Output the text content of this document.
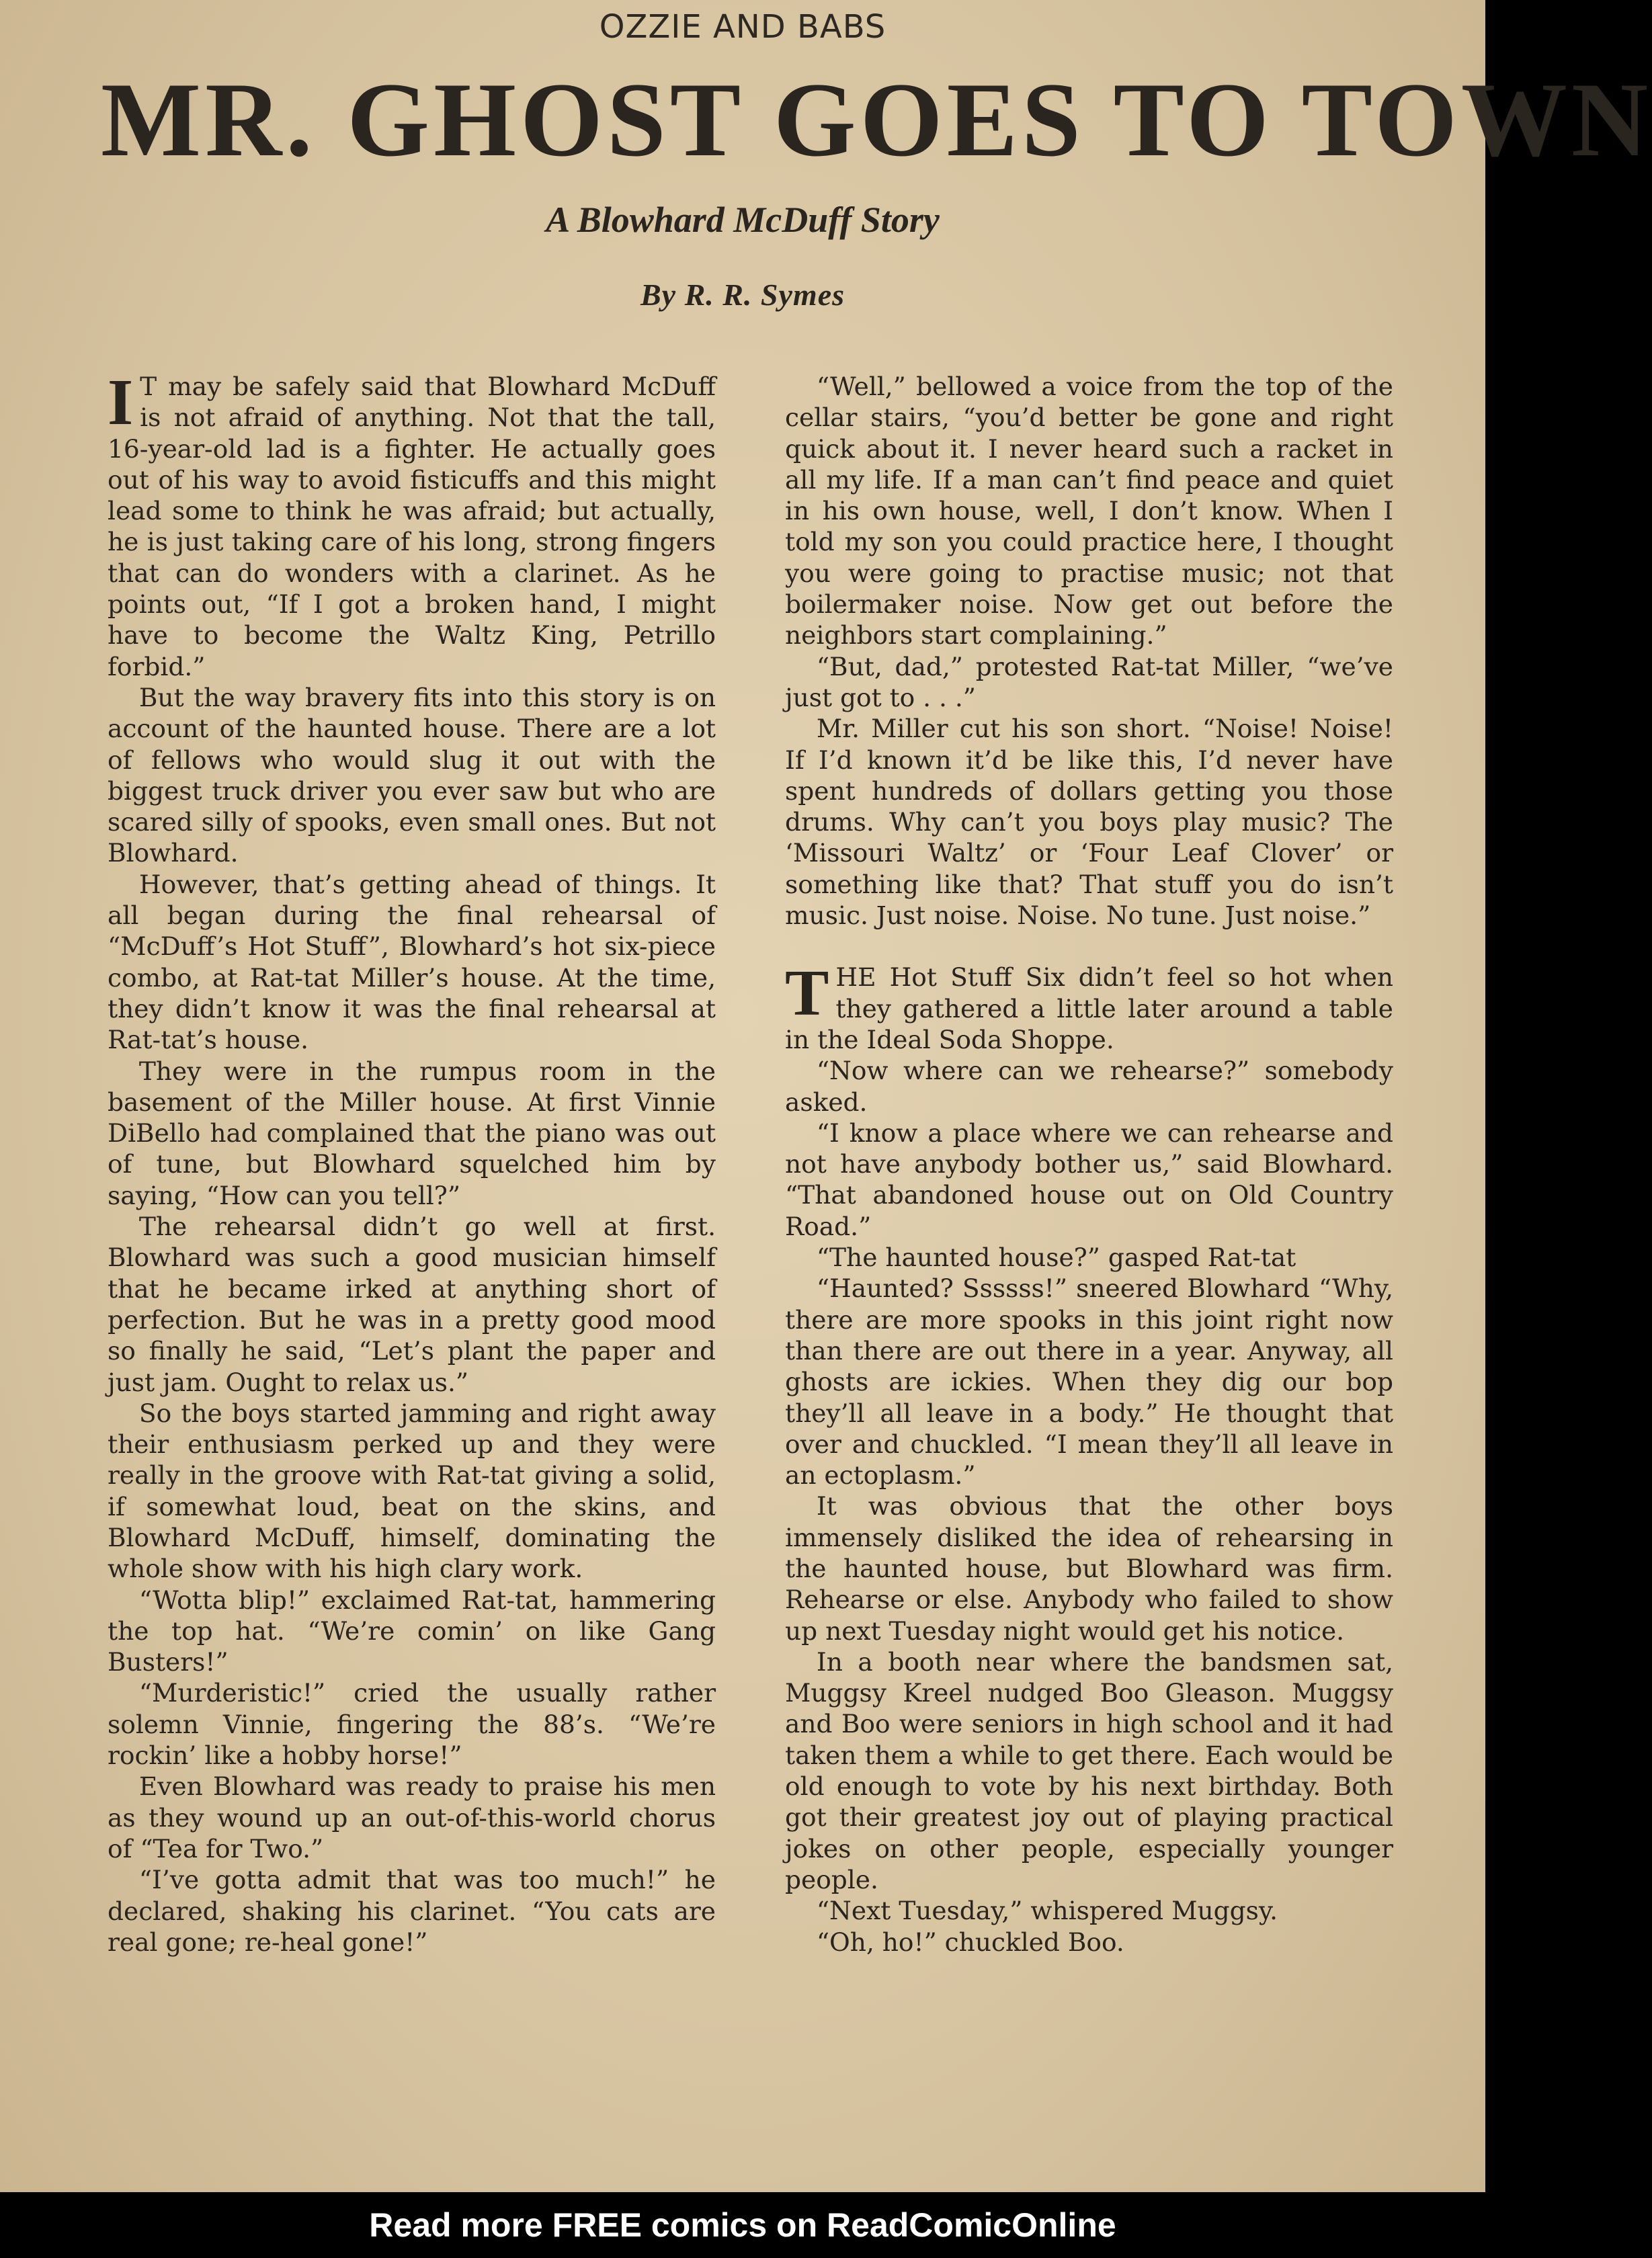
OZZIE AND BABS
MR. GHOST GOES TO TOWN
A Blowhard McDuff Story
By R. R. Symes

I T may be safely said that Blowhard McDuff is not afraid of anything. Not that the tall, 16-year-old lad is a fighter. He actually goes out of his way to avoid fisticuffs and this might lead some to think he was afraid; but actually, he is just taking care of his long, strong fingers that can do wonders with a clarinet. As he points out, “If I got a broken hand, I might have to become the Waltz King, Petrillo forbid.”

But the way bravery fits into this story is on account of the haunted house. There are a lot of fellows who would slug it out with the biggest truck driver you ever saw but who are scared silly of spooks, even small ones. But not Blowhard.

However, that’s getting ahead of things. It all began during the final rehearsal of “McDuff’s Hot Stuff”, Blowhard’s hot six-piece combo, at Rat-tat Miller’s house. At the time, they didn’t know it was the final rehearsal at Rat-tat’s house.

They were in the rumpus room in the basement of the Miller house. At first Vinnie DiBello had complained that the piano was out of tune, but Blowhard squelched him by saying, “How can you tell?”

The rehearsal didn’t go well at first. Blowhard was such a good musician himself that he became irked at anything short of perfection. But he was in a pretty good mood so finally he said, “Let’s plant the paper and just jam. Ought to relax us.”

So the boys started jamming and right away their enthusiasm perked up and they were really in the groove with Rat-tat giving a solid, if somewhat loud, beat on the skins, and Blowhard McDuff, himself, dominating the whole show with his high clary work.

“Wotta blip!” exclaimed Rat-tat, hammering the top hat. “We’re comin’ on like Gang Busters!”

“Murderistic!” cried the usually rather solemn Vinnie, fingering the 88’s. “We’re rockin’ like a hobby horse!”

Even Blowhard was ready to praise his men as they wound up an out-of-this-world chorus of “Tea for Two.”

“I’ve gotta admit that was too much!” he declared, shaking his clarinet. “You cats are real gone; re-heal gone!”

“Well,” bellowed a voice from the top of the cellar stairs, “you’d better be gone and right quick about it. I never heard such a racket in all my life. If a man can’t find peace and quiet in his own house, well, I don’t know. When I told my son you could practice here, I thought you were going to practise music; not that boilermaker noise. Now get out before the neighbors start complaining.”

“But, dad,” protested Rat-tat Miller, “we’ve just got to . . .”

Mr. Miller cut his son short. “Noise! Noise! If I’d known it’d be like this, I’d never have spent hundreds of dollars getting you those drums. Why can’t you boys play music? The ‘Missouri Waltz’ or ‘Four Leaf Clover’ or something like that? That stuff you do isn’t music. Just noise. Noise. No tune. Just noise.”

THE Hot Stuff Six didn’t feel so hot when they gathered a little later around a table in the Ideal Soda Shoppe.

“Now where can we rehearse?” somebody asked.

“I know a place where we can rehearse and not have anybody bother us,” said Blowhard. “That abandoned house out on Old Country Road.”

“The haunted house?” gasped Rat-tat

“Haunted? Ssssss!” sneered Blowhard “Why, there are more spooks in this joint right now than there are out there in a year. Anyway, all ghosts are ickies. When they dig our bop they’ll all leave in a body.” He thought that over and chuckled. “I mean they’ll all leave in an ectoplasm.”

It was obvious that the other boys immensely disliked the idea of rehearsing in the haunted house, but Blowhard was firm. Rehearse or else. Anybody who failed to show up next Tuesday night would get his notice.

In a booth near where the bandsmen sat, Muggsy Kreel nudged Boo Gleason. Muggsy and Boo were seniors in high school and it had taken them a while to get there. Each would be old enough to vote by his next birthday. Both got their greatest joy out of playing practical jokes on other people, especially younger people.

“Next Tuesday,” whispered Muggsy.

“Oh, ho!” chuckled Boo.

Read more FREE comics on ReadComicOnline
